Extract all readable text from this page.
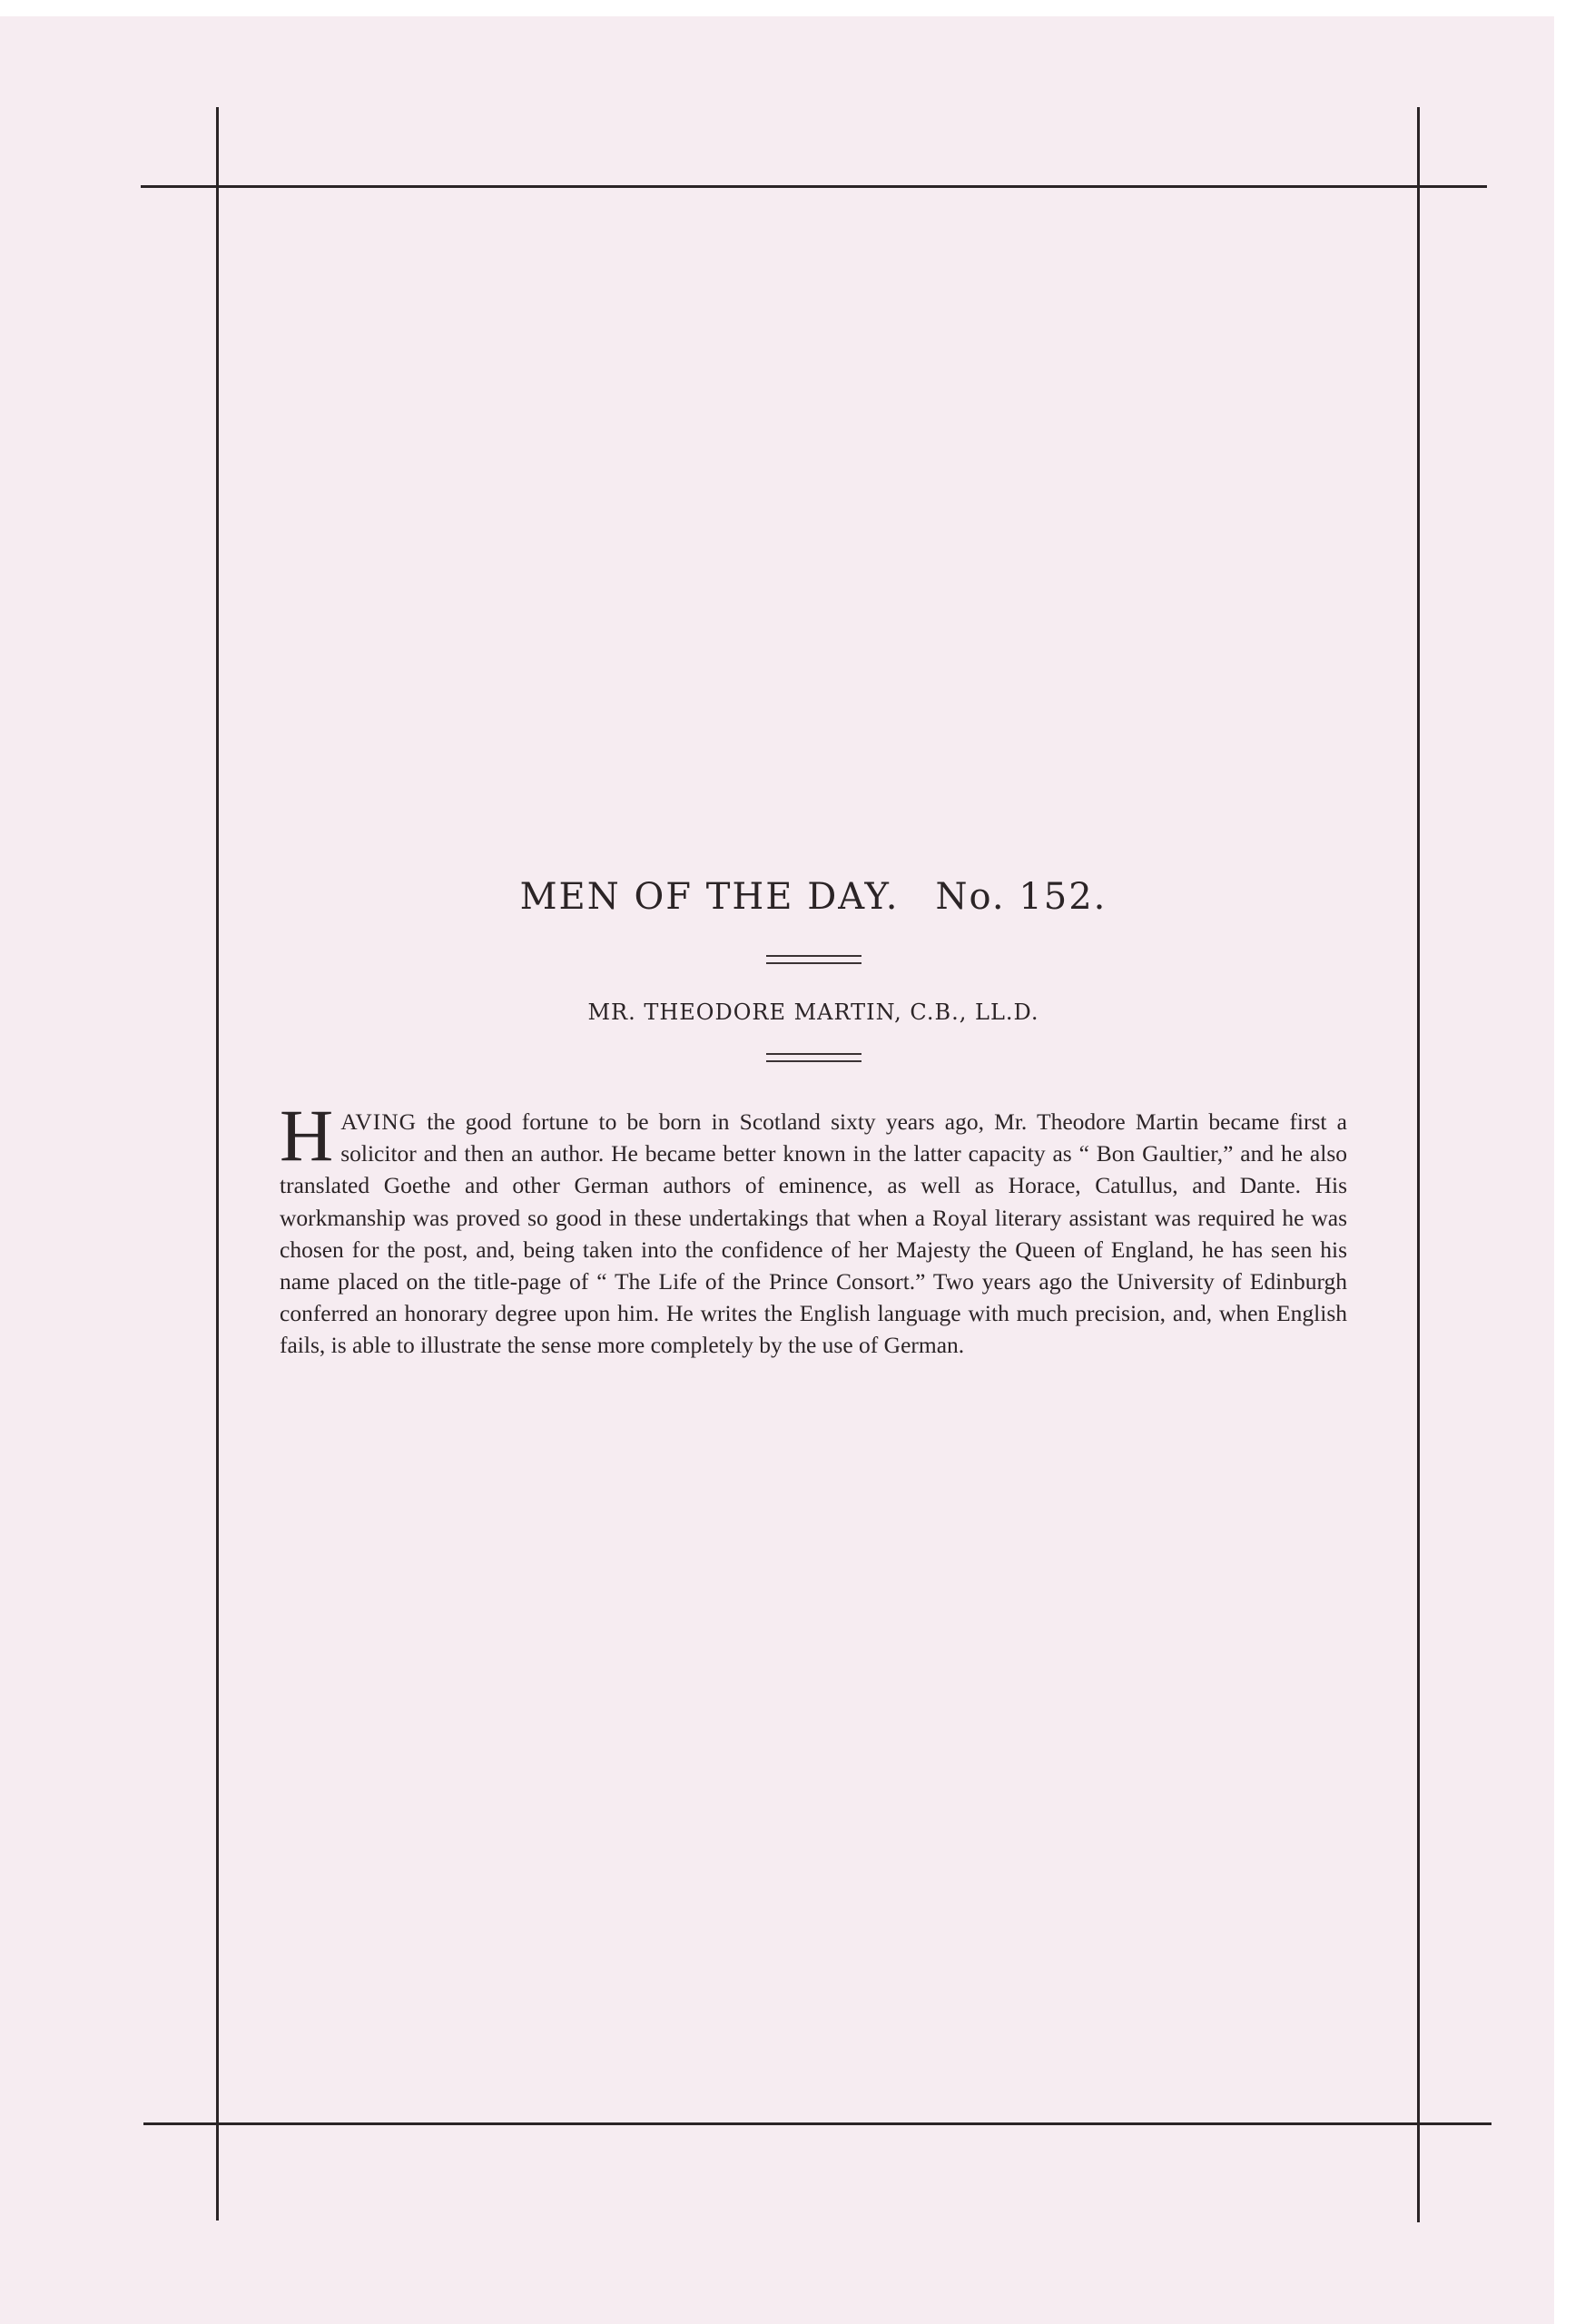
MEN OF THE DAY. No. 152.
MR. THEODORE MARTIN, C.B., LL.D.
HAVING the good fortune to be born in Scotland sixty years ago, Mr. Theodore Martin became first a solicitor and then an author. He became better known in the latter capacity as “ Bon Gaultier,” and he also translated Goethe and other German authors of eminence, as well as Horace, Catullus, and Dante. His workmanship was proved so good in these undertakings that when a Royal literary assistant was required he was chosen for the post, and, being taken into the confidence of her Majesty the Queen of England, he has seen his name placed on the title-page of “ The Life of the Prince Consort.” Two years ago the University of Edinburgh conferred an honorary degree upon him. He writes the English language with much precision, and, when English fails, is able to illustrate the sense more completely by the use of German.
